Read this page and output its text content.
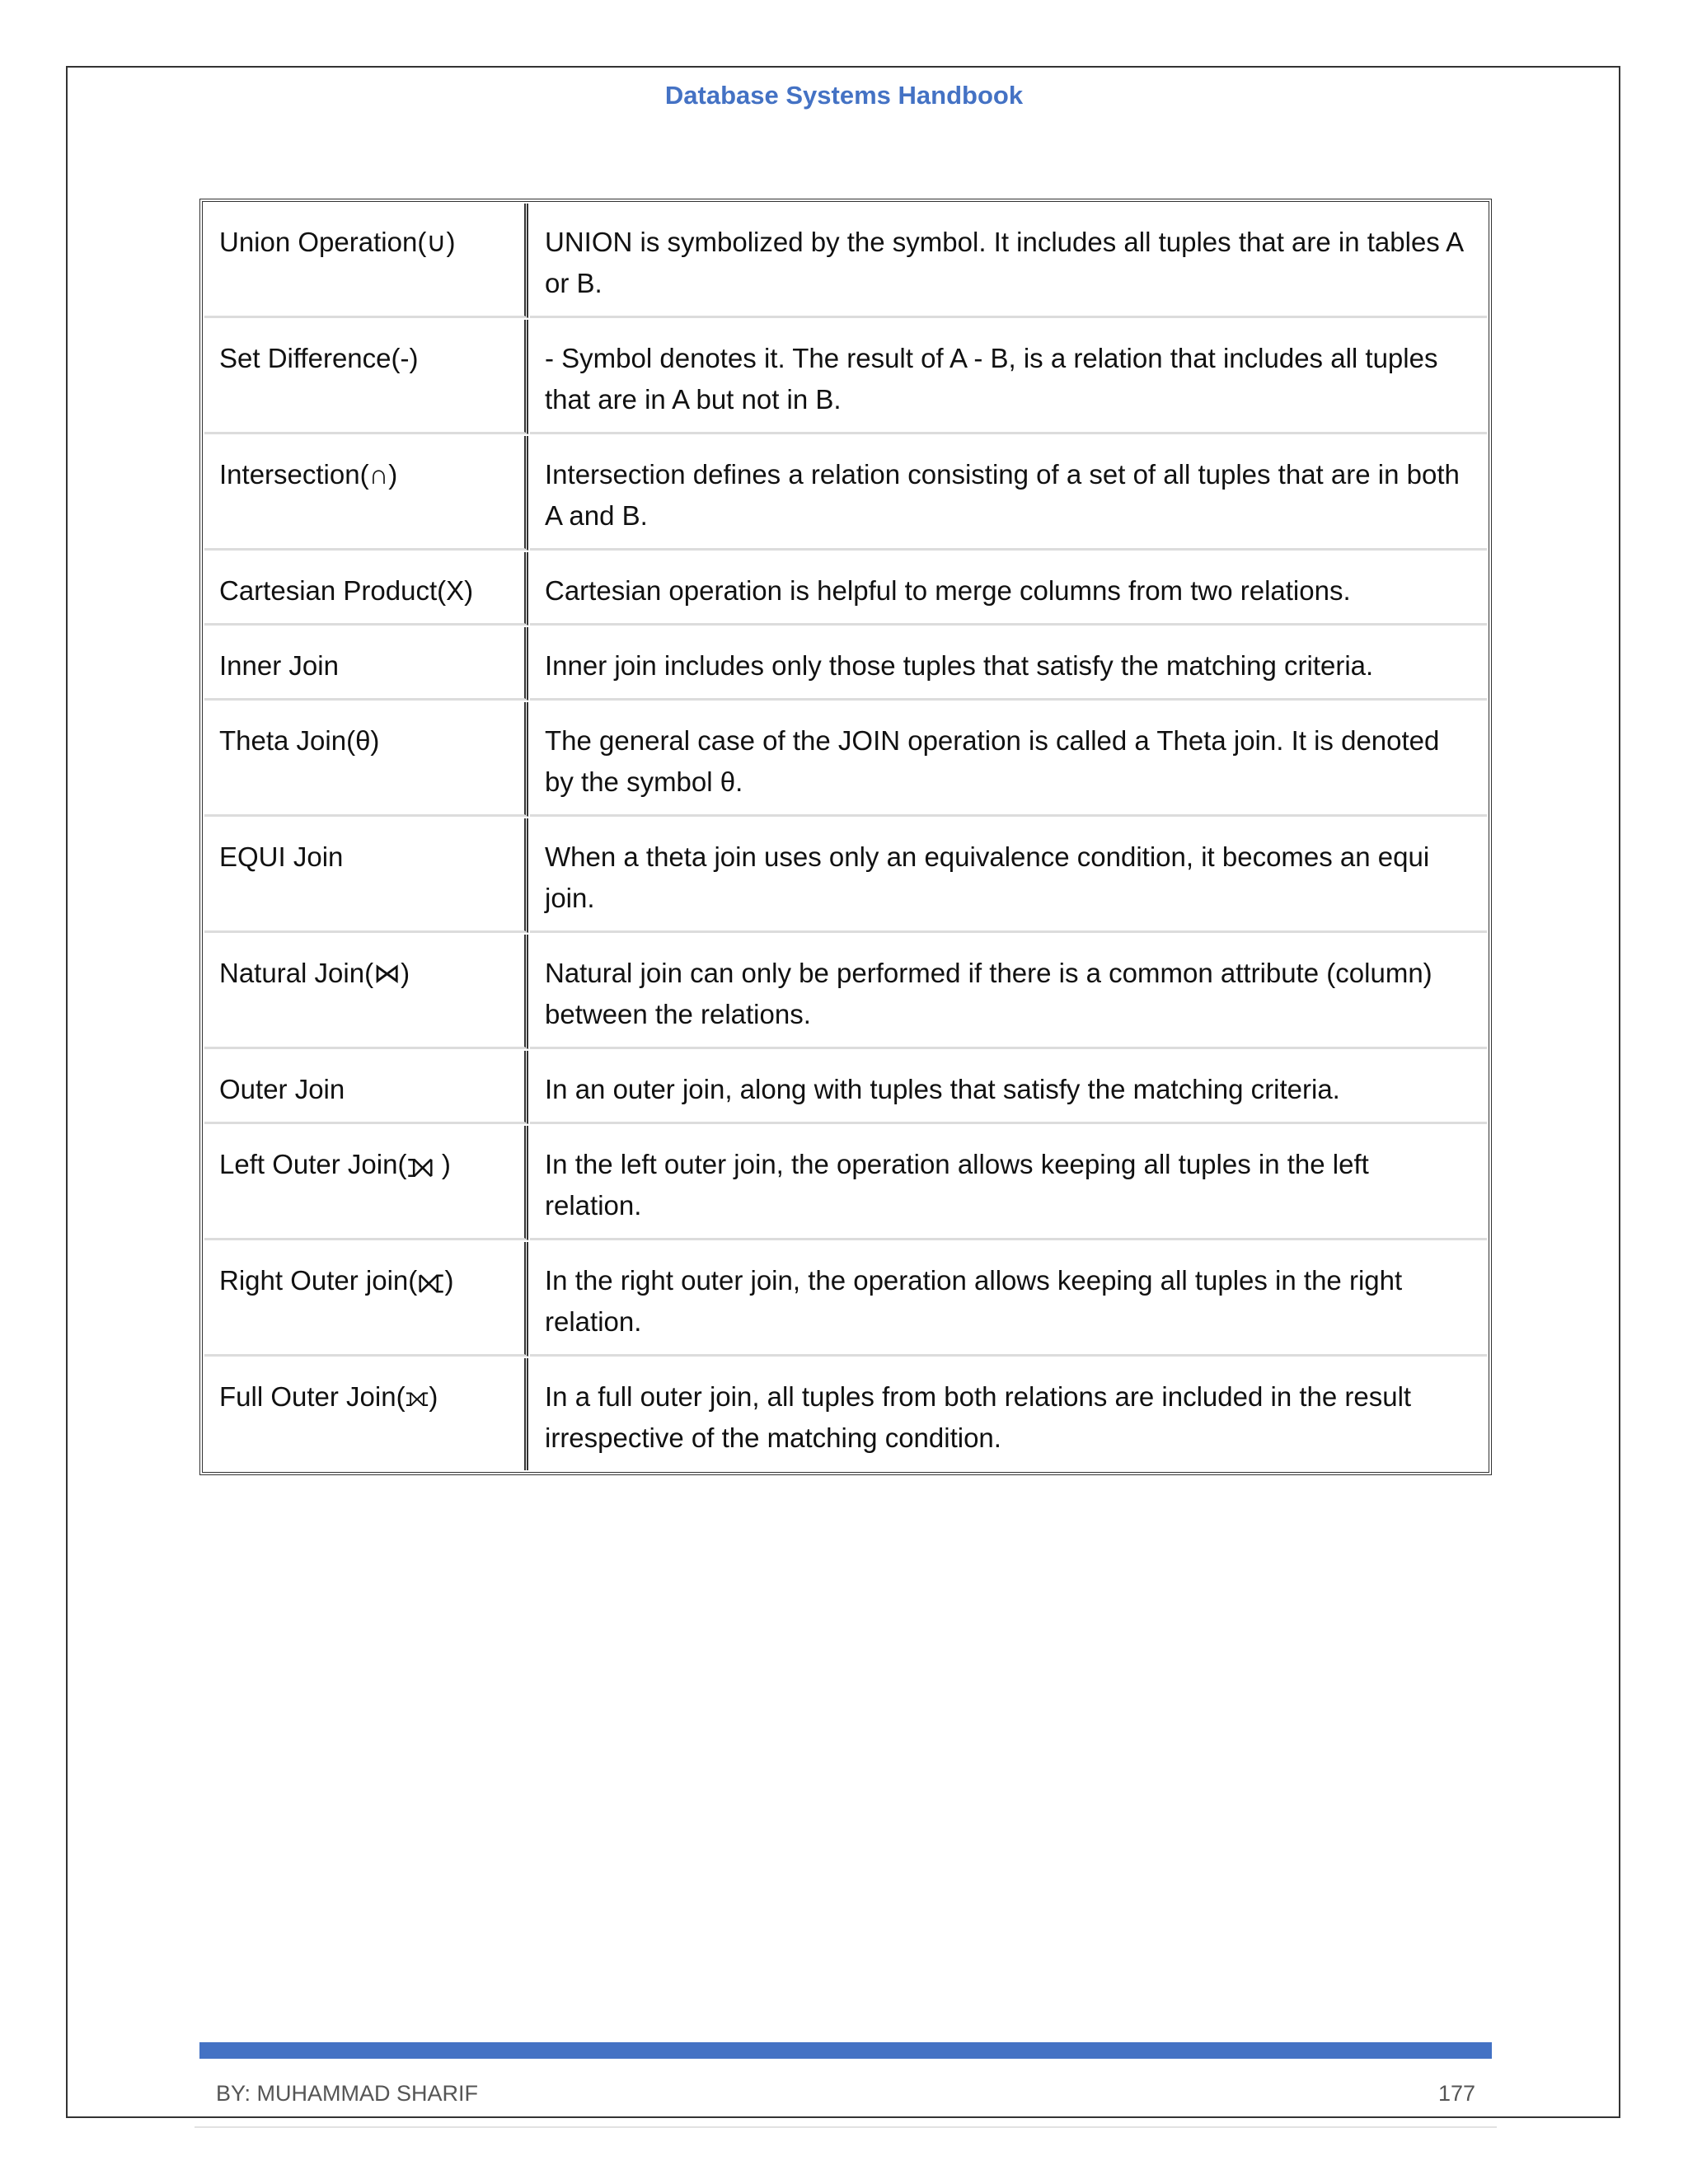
Database Systems Handbook
Union Operation(∪)	UNION is symbolized by the symbol. It includes all tuples that are in tables A or B.
Set Difference(-)	- Symbol denotes it. The result of A - B, is a relation that includes all tuples that are in A but not in B.
Intersection(∩)	Intersection defines a relation consisting of a set of all tuples that are in both A and B.
Cartesian Product(X)	Cartesian operation is helpful to merge columns from two relations.
Inner Join	Inner join includes only those tuples that satisfy the matching criteria.
Theta Join(θ)	The general case of the JOIN operation is called a Theta join. It is denoted by the symbol θ.
EQUI Join	When a theta join uses only an equivalence condition, it becomes an equi join.
Natural Join(⋈)	Natural join can only be performed if there is a common attribute (column) between the relations.
Outer Join	In an outer join, along with tuples that satisfy the matching criteria.
Left Outer Join(⟕ )	In the left outer join, the operation allows keeping all tuples in the left relation.
Right Outer join(⟖)	In the right outer join, the operation allows keeping all tuples in the right relation.
Full Outer Join(⟗)	In a full outer join, all tuples from both relations are included in the result irrespective of the matching condition.
BY: MUHAMMAD SHARIF	177
